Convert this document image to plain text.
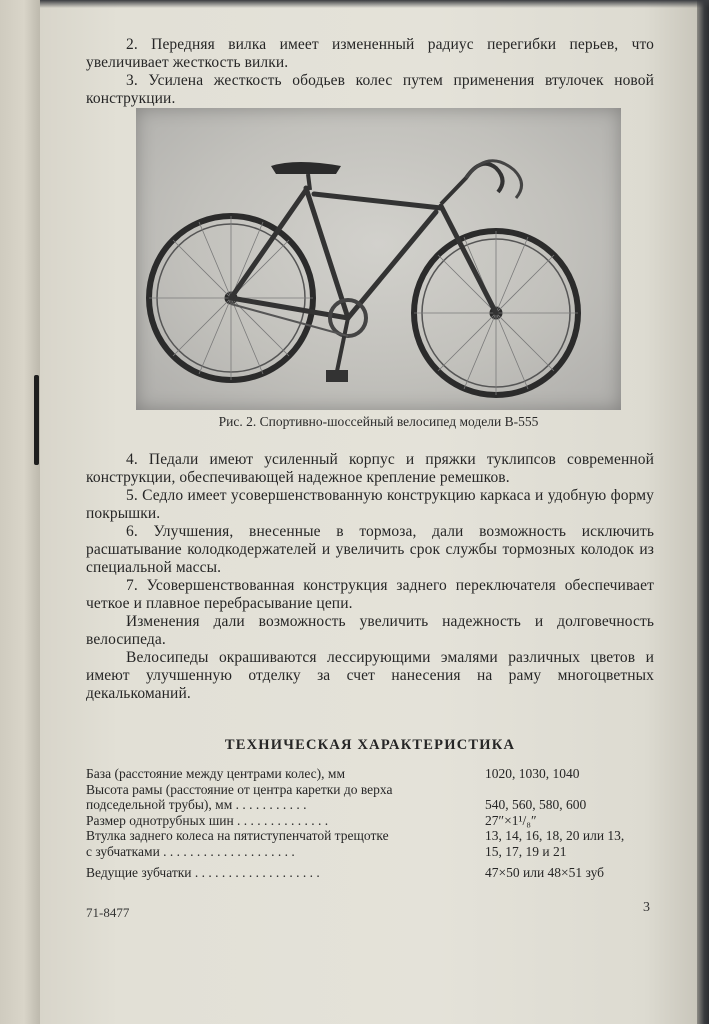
2. Передняя вилка имеет измененный радиус перегибки перьев, что увеличивает жесткость вилки.

3. Усилена жесткость ободьев колес путем применения втулочек новой конструкции.

Рис. 2. Спортивно-шоссейный велосипед модели В-555

4. Педали имеют усиленный корпус и пряжки туклипсов современной конструкции, обеспечивающей надежное крепление ремешков.

5. Седло имеет усовершенствованную конструкцию каркаса и удобную форму покрышки.

6. Улучшения, внесенные в тормоза, дали возможность исключить расшатывание колодкодержателей и увеличить срок службы тормозных колодок из специальной массы.

7. Усовершенствованная конструкция заднего переключателя обеспечивает четкое и плавное перебрасывание цепи.

Изменения дали возможность увеличить надежность и долговечность велосипеда.

Велосипеды окрашиваются лессирующими эмалями различных цветов и имеют улучшенную отделку за счет нанесения на раму многоцветных декалькоманий.

ТЕХНИЧЕСКАЯ ХАРАКТЕРИСТИКА
База (расстояние между центрами колес), мм	1020, 1030, 1040
Высота рамы (расстояние от центра каретки до верха
подседельной трубы), мм . . . . . . . . . . .	540, 560, 580, 600
Размер однотрубных шин . . . . . . . . . . . . . .	27″×1¹/₈″
Втулка заднего колеса на пятиступенчатой трещотке
с зубчатками . . . . . . . . . . . . . . . . . . . .
13, 14, 16, 18, 20 или 13,
15, 17, 19 и 21
Ведущие зубчатки . . . . . . . . . . . . . . . . . . .	47×50 или 48×51 зуб
71-8477	3
